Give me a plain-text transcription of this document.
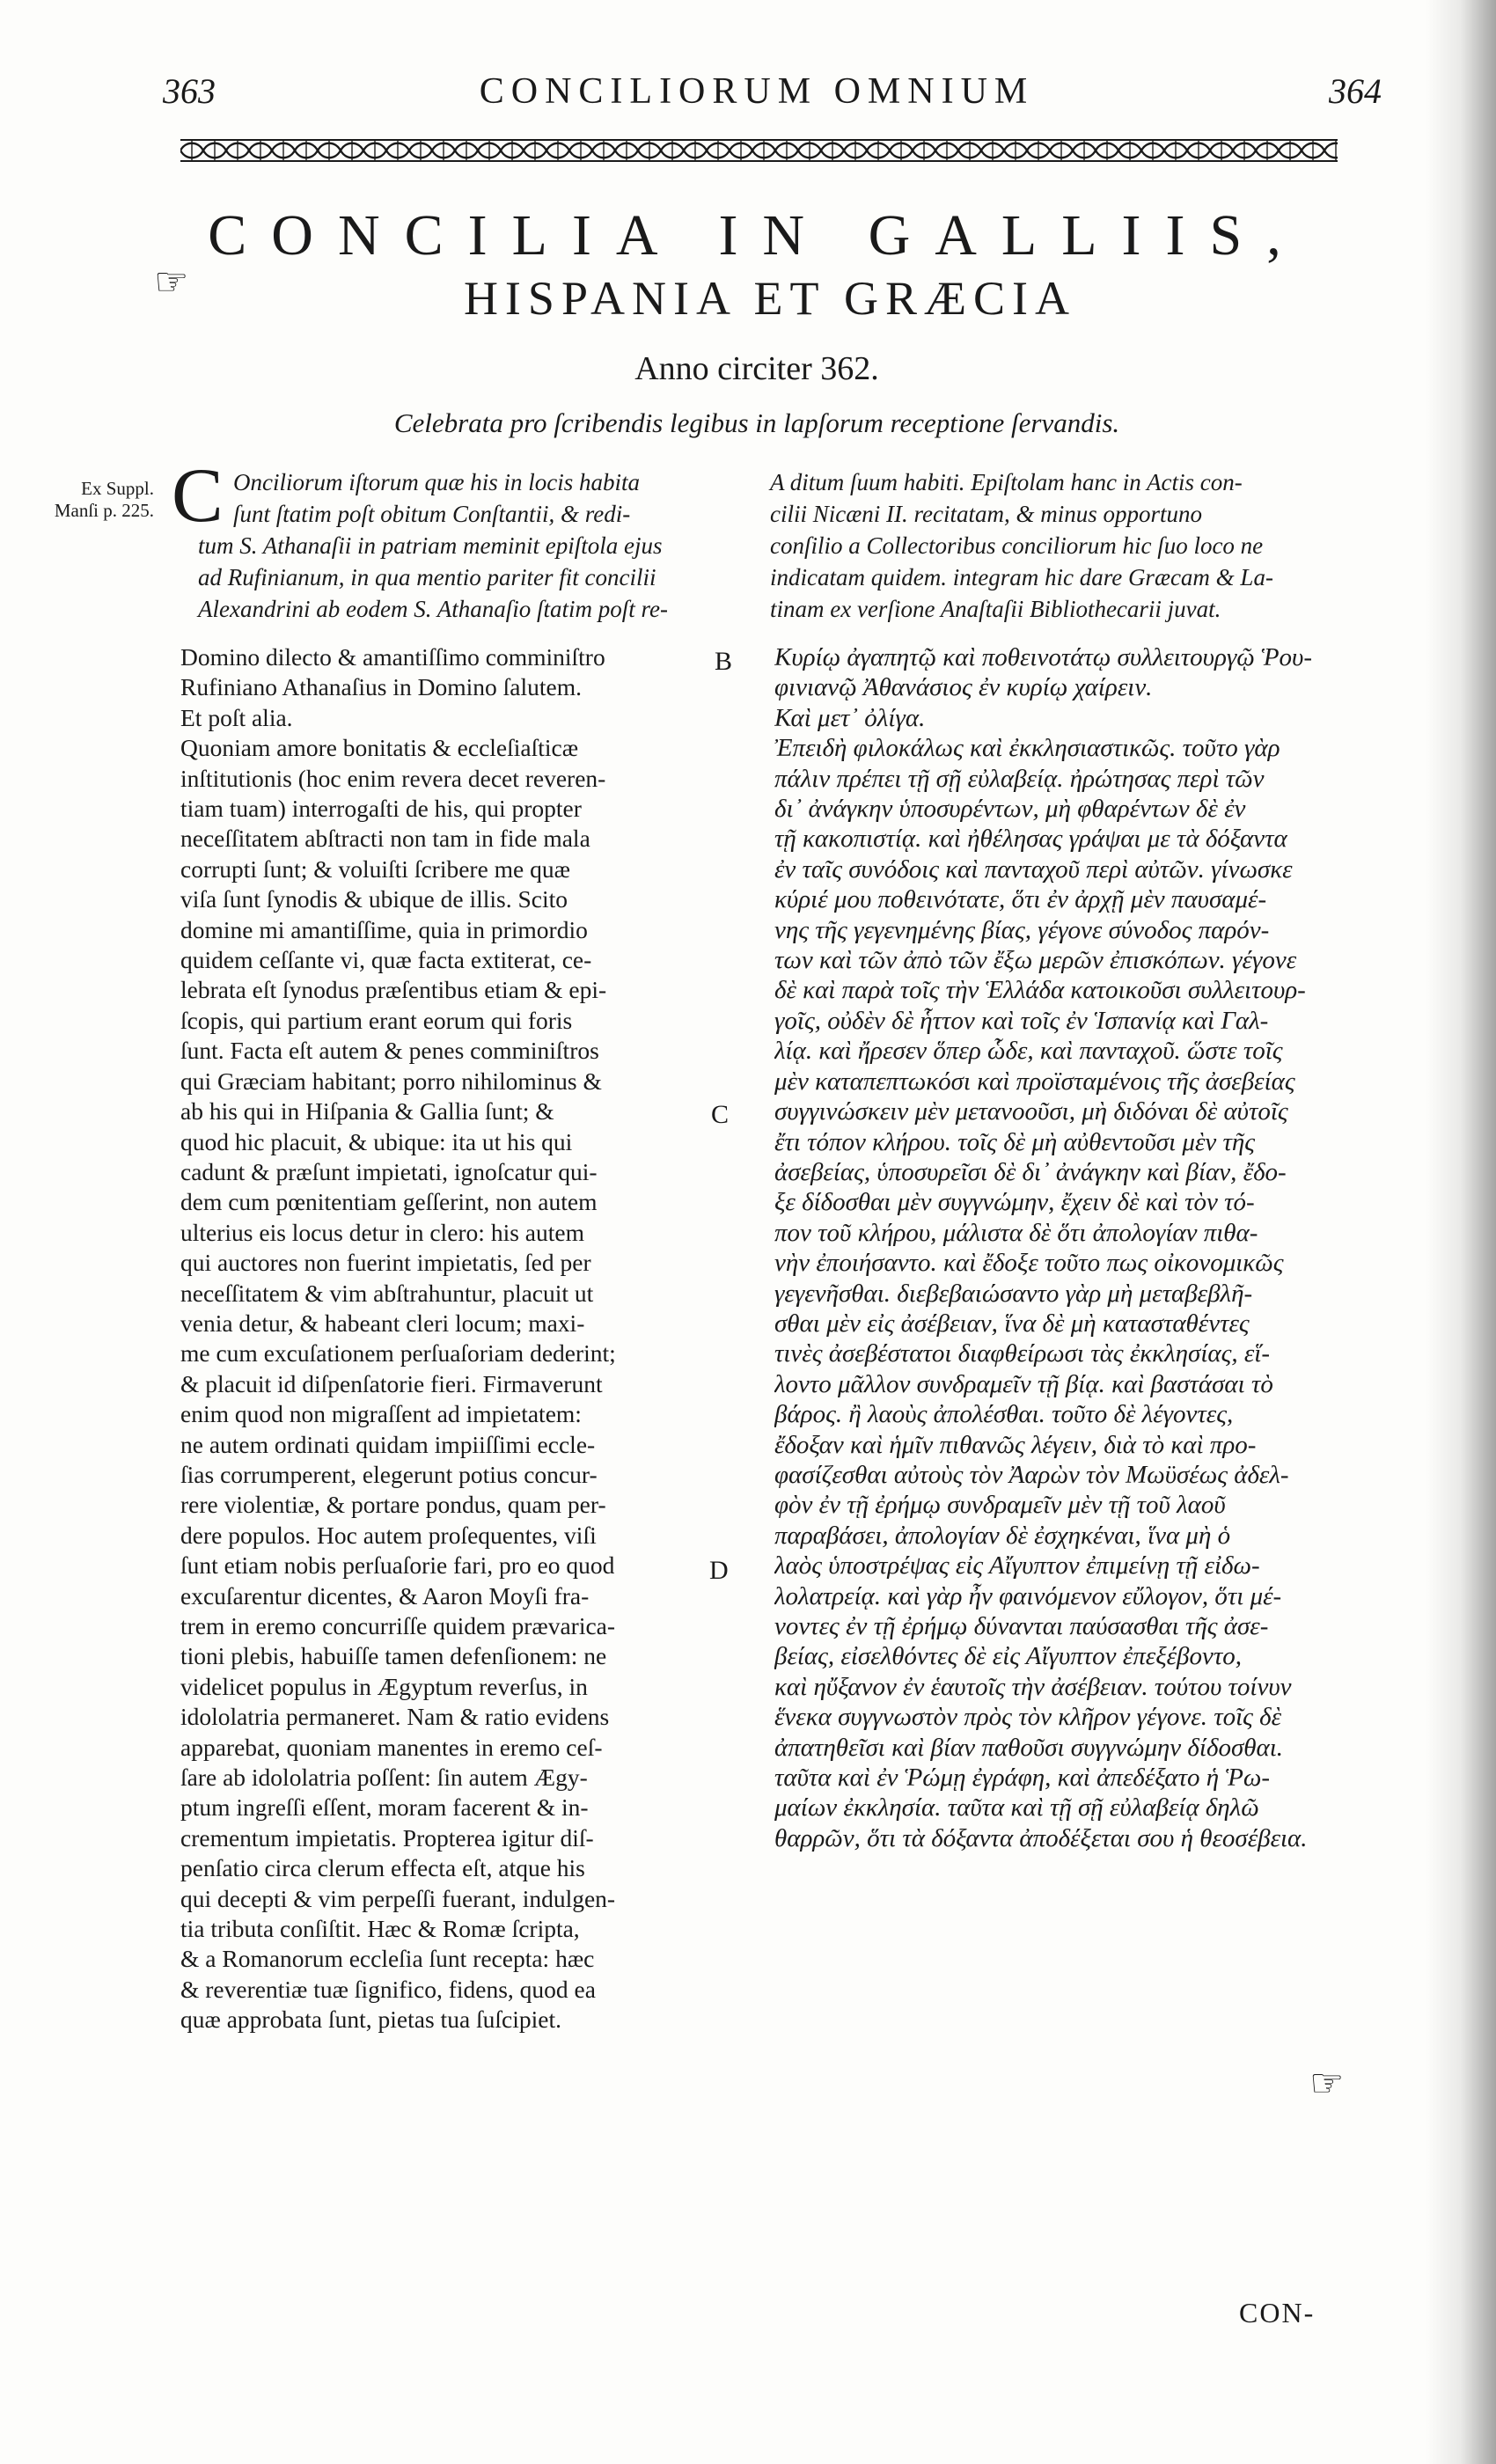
363	CONCILIORUM OMNIUM	364
CONCILIA IN GALLIIS,
☞	HISPANIA ET GRÆCIA
Anno circiter 362.
Celebrata pro ſcribendis legibus in lapſorum receptione ſervandis.
Ex Suppl.
Manſi p. 225. C Onciliorum iſtorum quæ his in locis habita
ſunt ſtatim poſt obitum Conſtantii, & redi-
tum S. Athanaſii in patriam meminit epiſtola ejus
ad Rufinianum, in qua mentio pariter fit concilii
Alexandrini ab eodem S. Athanaſio ſtatim poſt re-
A ditum ſuum habiti. Epiſtolam hanc in Actis con-
cilii Nicæni II. recitatam, & minus opportuno
conſilio a Collectoribus conciliorum hic ſuo loco ne
indicatam quidem. integram hic dare Græcam & La-
tinam ex verſione Anaſtaſii Bibliothecarii juvat.
Domino dilecto & amantiſſimo comminiſtro
Rufiniano Athanaſius in Domino ſalutem.
Et poſt alia.
Quoniam amore bonitatis & eccleſiaſticæ
inſtitutionis (hoc enim revera decet reveren-
tiam tuam) interrogaſti de his, qui propter
neceſſitatem abſtracti non tam in fide mala
corrupti ſunt; & voluiſti ſcribere me quæ
viſa ſunt ſynodis & ubique de illis. Scito
domine mi amantiſſime, quia in primordio
quidem ceſſante vi, quæ facta extiterat, ce-
lebrata eſt ſynodus præſentibus etiam & epi-
ſcopis, qui partium erant eorum qui foris
ſunt. Facta eſt autem & penes comminiſtros
qui Græciam habitant; porro nihilominus &
ab his qui in Hiſpania & Gallia ſunt; &
quod hic placuit, & ubique: ita ut his qui
cadunt & præſunt impietati, ignoſcatur qui-
dem cum pœnitentiam geſſerint, non autem
ulterius eis locus detur in clero: his autem
qui auctores non fuerint impietatis, ſed per
neceſſitatem & vim abſtrahuntur, placuit ut
venia detur, & habeant cleri locum; maxi-
me cum excuſationem perſuaſoriam dederint;
& placuit id diſpenſatorie fieri. Firmaverunt
enim quod non migraſſent ad impietatem:
ne autem ordinati quidam impiiſſimi eccle-
ſias corrumperent, elegerunt potius concur-
rere violentiæ, & portare pondus, quam per-
dere populos. Hoc autem proſequentes, viſi
ſunt etiam nobis perſuaſorie fari, pro eo quod
excuſarentur dicentes, & Aaron Moyſi fra-
trem in eremo concurriſſe quidem prævarica-
tioni plebis, habuiſſe tamen defenſionem: ne
videlicet populus in Ægyptum reverſus, in
idololatria permaneret. Nam & ratio evidens
apparebat, quoniam manentes in eremo ceſ-
ſare ab idololatria poſſent: ſin autem Ægy-
ptum ingreſſi eſſent, moram facerent & in-
crementum impietatis. Propterea igitur diſ-
penſatio circa clerum effecta eſt, atque his
qui decepti & vim perpeſſi fuerant, indulgen-
tia tributa conſiſtit. Hæc & Romæ ſcripta,
& a Romanorum eccleſia ſunt recepta: hæc
& reverentiæ tuæ ſignifico, fidens, quod ea
quæ approbata ſunt, pietas tua ſuſcipiet.
Κυρίῳ ἀγαπητῷ καὶ ποθεινοτάτῳ συλλειτουργῷ Ῥου-
φινιανῷ Ἀθανάσιος ἐν κυρίῳ χαίρειν.
Καὶ μετ᾽ ὀλίγα.
Ἐπειδὴ φιλοκάλως καὶ ἐκκλησιαστικῶς. τοῦτο γὰρ
πάλιν πρέπει τῇ σῇ εὐλαβείᾳ. ἠρώτησας περὶ τῶν
δι᾽ ἀνάγκην ὑποσυρέντων, μὴ φθαρέντων δὲ ἐν
τῇ κακοπιστίᾳ. καὶ ἠθέλησας γράψαι με τὰ δόξαντα
ἐν ταῖς συνόδοις καὶ πανταχοῦ περὶ αὐτῶν. γίνωσκε
κύριέ μου ποθεινότατε, ὅτι ἐν ἀρχῇ μὲν παυσαμέ-
νης τῆς γεγενημένης βίας, γέγονε σύνοδος παρόν-
των καὶ τῶν ἀπὸ τῶν ἔξω μερῶν ἐπισκόπων. γέγονε
δὲ καὶ παρὰ τοῖς τὴν Ἑλλάδα κατοικοῦσι συλλειτουρ-
γοῖς, οὐδὲν δὲ ἧττον καὶ τοῖς ἐν Ἱσπανίᾳ καὶ Γαλ-
λίᾳ. καὶ ἤρεσεν ὅπερ ὧδε, καὶ πανταχοῦ. ὥστε τοῖς
μὲν καταπεπτωκόσι καὶ προϊσταμένοις τῆς ἀσεβείας
συγγινώσκειν μὲν μετανοοῦσι, μὴ διδόναι δὲ αὐτοῖς
ἔτι τόπον κλήρου. τοῖς δὲ μὴ αὐθεντοῦσι μὲν τῆς
ἀσεβείας, ὑποσυρεῖσι δὲ δι᾽ ἀνάγκην καὶ βίαν, ἔδο-
ξε δίδοσθαι μὲν συγγνώμην, ἔχειν δὲ καὶ τὸν τό-
πον τοῦ κλήρου, μάλιστα δὲ ὅτι ἀπολογίαν πιθα-
νὴν ἐποιήσαντο. καὶ ἔδοξε τοῦτο πως οἰκονομικῶς
γεγενῆσθαι. διεβεβαιώσαντο γὰρ μὴ μεταβεβλῆ-
σθαι μὲν εἰς ἀσέβειαν, ἵνα δὲ μὴ κατασταθέντες
τινὲς ἀσεβέστατοι διαφθείρωσι τὰς ἐκκλησίας, εἵ-
λοντο μᾶλλον συνδραμεῖν τῇ βίᾳ. καὶ βαστάσαι τὸ
βάρος. ἢ λαοὺς ἀπολέσθαι. τοῦτο δὲ λέγοντες,
ἔδοξαν καὶ ἡμῖν πιθανῶς λέγειν, διὰ τὸ καὶ προ-
φασίζεσθαι αὐτοὺς τὸν Ἀαρὼν τὸν Μωϋσέως ἀδελ-
φὸν ἐν τῇ ἐρήμῳ συνδραμεῖν μὲν τῇ τοῦ λαοῦ
παραβάσει, ἀπολογίαν δὲ ἐσχηκέναι, ἵνα μὴ ὁ
λαὸς ὑποστρέψας εἰς Αἴγυπτον ἐπιμείνῃ τῇ εἰδω-
λολατρείᾳ. καὶ γὰρ ἦν φαινόμενον εὔλογον, ὅτι μέ-
νοντες ἐν τῇ ἐρήμῳ δύνανται παύσασθαι τῆς ἀσε-
βείας, εἰσελθόντες δὲ εἰς Αἴγυπτον ἐπεξέβοντο,
καὶ ηὔξανον ἐν ἑαυτοῖς τὴν ἀσέβειαν. τούτου τοίνυν
ἕνεκα συγγνωστὸν πρὸς τὸν κλῆρον γέγονε. τοῖς δὲ
ἀπατηθεῖσι καὶ βίαν παθοῦσι συγγνώμην δίδοσθαι.
ταῦτα καὶ ἐν Ῥώμῃ ἐγράφη, καὶ ἀπεδέξατο ἡ Ῥω-
μαίων ἐκκλησία. ταῦτα καὶ τῇ σῇ εὐλαβείᾳ δηλῶ
θαρρῶν, ὅτι τὰ δόξαντα ἀποδέξεται σου ἡ θεοσέβεια.
B
C
D
☞
CON-
